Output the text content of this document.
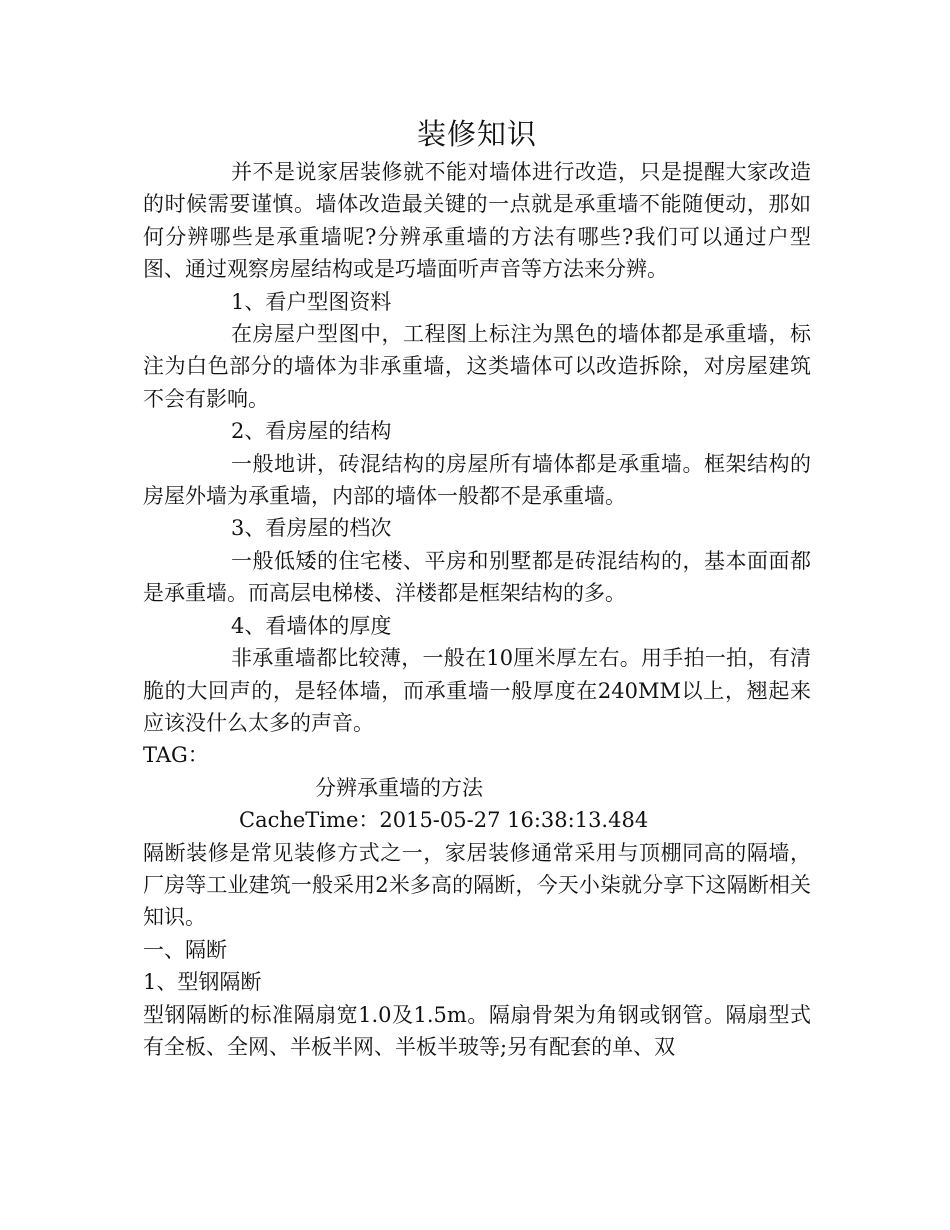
装修知识

并不是说家居装修就不能对墙体进行改造，只是提醒大家改造的时候需要谨慎。墙体改造最关键的一点就是承重墙不能随便动，那如何分辨哪些是承重墙呢?分辨承重墙的方法有哪些?我们可以通过户型图、通过观察房屋结构或是巧墙面听声音等方法来分辨。

1、看户型图资料

在房屋户型图中，工程图上标注为黑色的墙体都是承重墙，标注为白色部分的墙体为非承重墙，这类墙体可以改造拆除，对房屋建筑不会有影响。

2、看房屋的结构

一般地讲，砖混结构的房屋所有墙体都是承重墙。框架结构的房屋外墙为承重墙，内部的墙体一般都不是承重墙。

3、看房屋的档次

一般低矮的住宅楼、平房和别墅都是砖混结构的，基本面面都是承重墙。而高层电梯楼、洋楼都是框架结构的多。

4、看墙体的厚度

非承重墙都比较薄，一般在10厘米厚左右。用手拍一拍，有清脆的大回声的，是轻体墙，而承重墙一般厚度在240MM以上，翘起来应该没什么太多的声音。

TAG：

分辨承重墙的方法

CacheTime：2015-05-27 16:38:13.484

隔断装修是常见装修方式之一，家居装修通常采用与顶棚同高的隔墙，厂房等工业建筑一般采用2米多高的隔断，今天小柒就分享下这隔断相关知识。

一、隔断

1、型钢隔断

型钢隔断的标准隔扇宽1.0及1.5m。隔扇骨架为角钢或钢管。隔扇型式有全板、全网、半板半网、半板半玻等;另有配套的单、双
